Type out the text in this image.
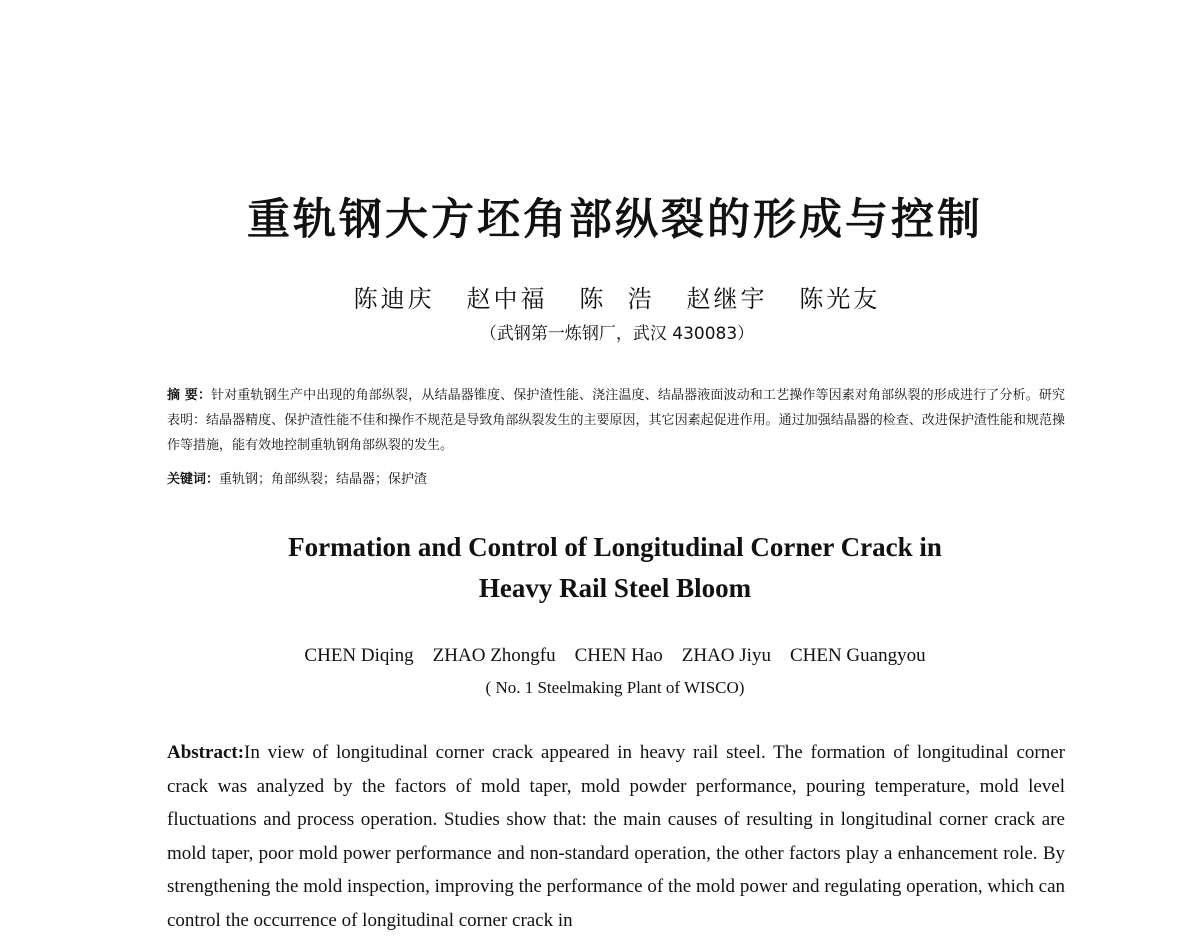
重轨钢大方坯角部纵裂的形成与控制
陈迪庆   赵中福   陈  浩   赵继宇   陈光友
（武钢第一炼钢厂，武汉 430083）
摘 要：针对重轨钢生产中出现的角部纵裂，从结晶器锥度、保护渣性能、浇注温度、结晶器液面波动和工艺操作等因素对角部纵裂的形成进行了分析。研究表明：结晶器精度、保护渣性能不佳和操作不规范是导致角部纵裂发生的主要原因，其它因素起促进作用。通过加强结晶器的检查、改进保护渣性能和规范操作等措施，能有效地控制重轨钢角部纵裂的发生。
关键词：重轨钢；角部纵裂；结晶器；保护渣
Formation and Control of Longitudinal Corner Crack in
Heavy Rail Steel Bloom
CHEN Diqing    ZHAO Zhongfu    CHEN Hao    ZHAO Jiyu    CHEN Guangyou
( No. 1 Steelmaking Plant of WISCO)
Abstract:In view of longitudinal corner crack appeared in heavy rail steel. The formation of longitudinal corner crack was analyzed by the factors of mold taper, mold powder performance, pouring temperature, mold level fluctuations and process operation. Studies show that: the main causes of resulting in longitudinal corner crack are mold taper, poor mold power performance and non-standard operation, the other factors play a enhancement role. By strengthening the mold inspection, improving the performance of the mold power and regulating operation, which can control the occurrence of longitudinal corner crack in
